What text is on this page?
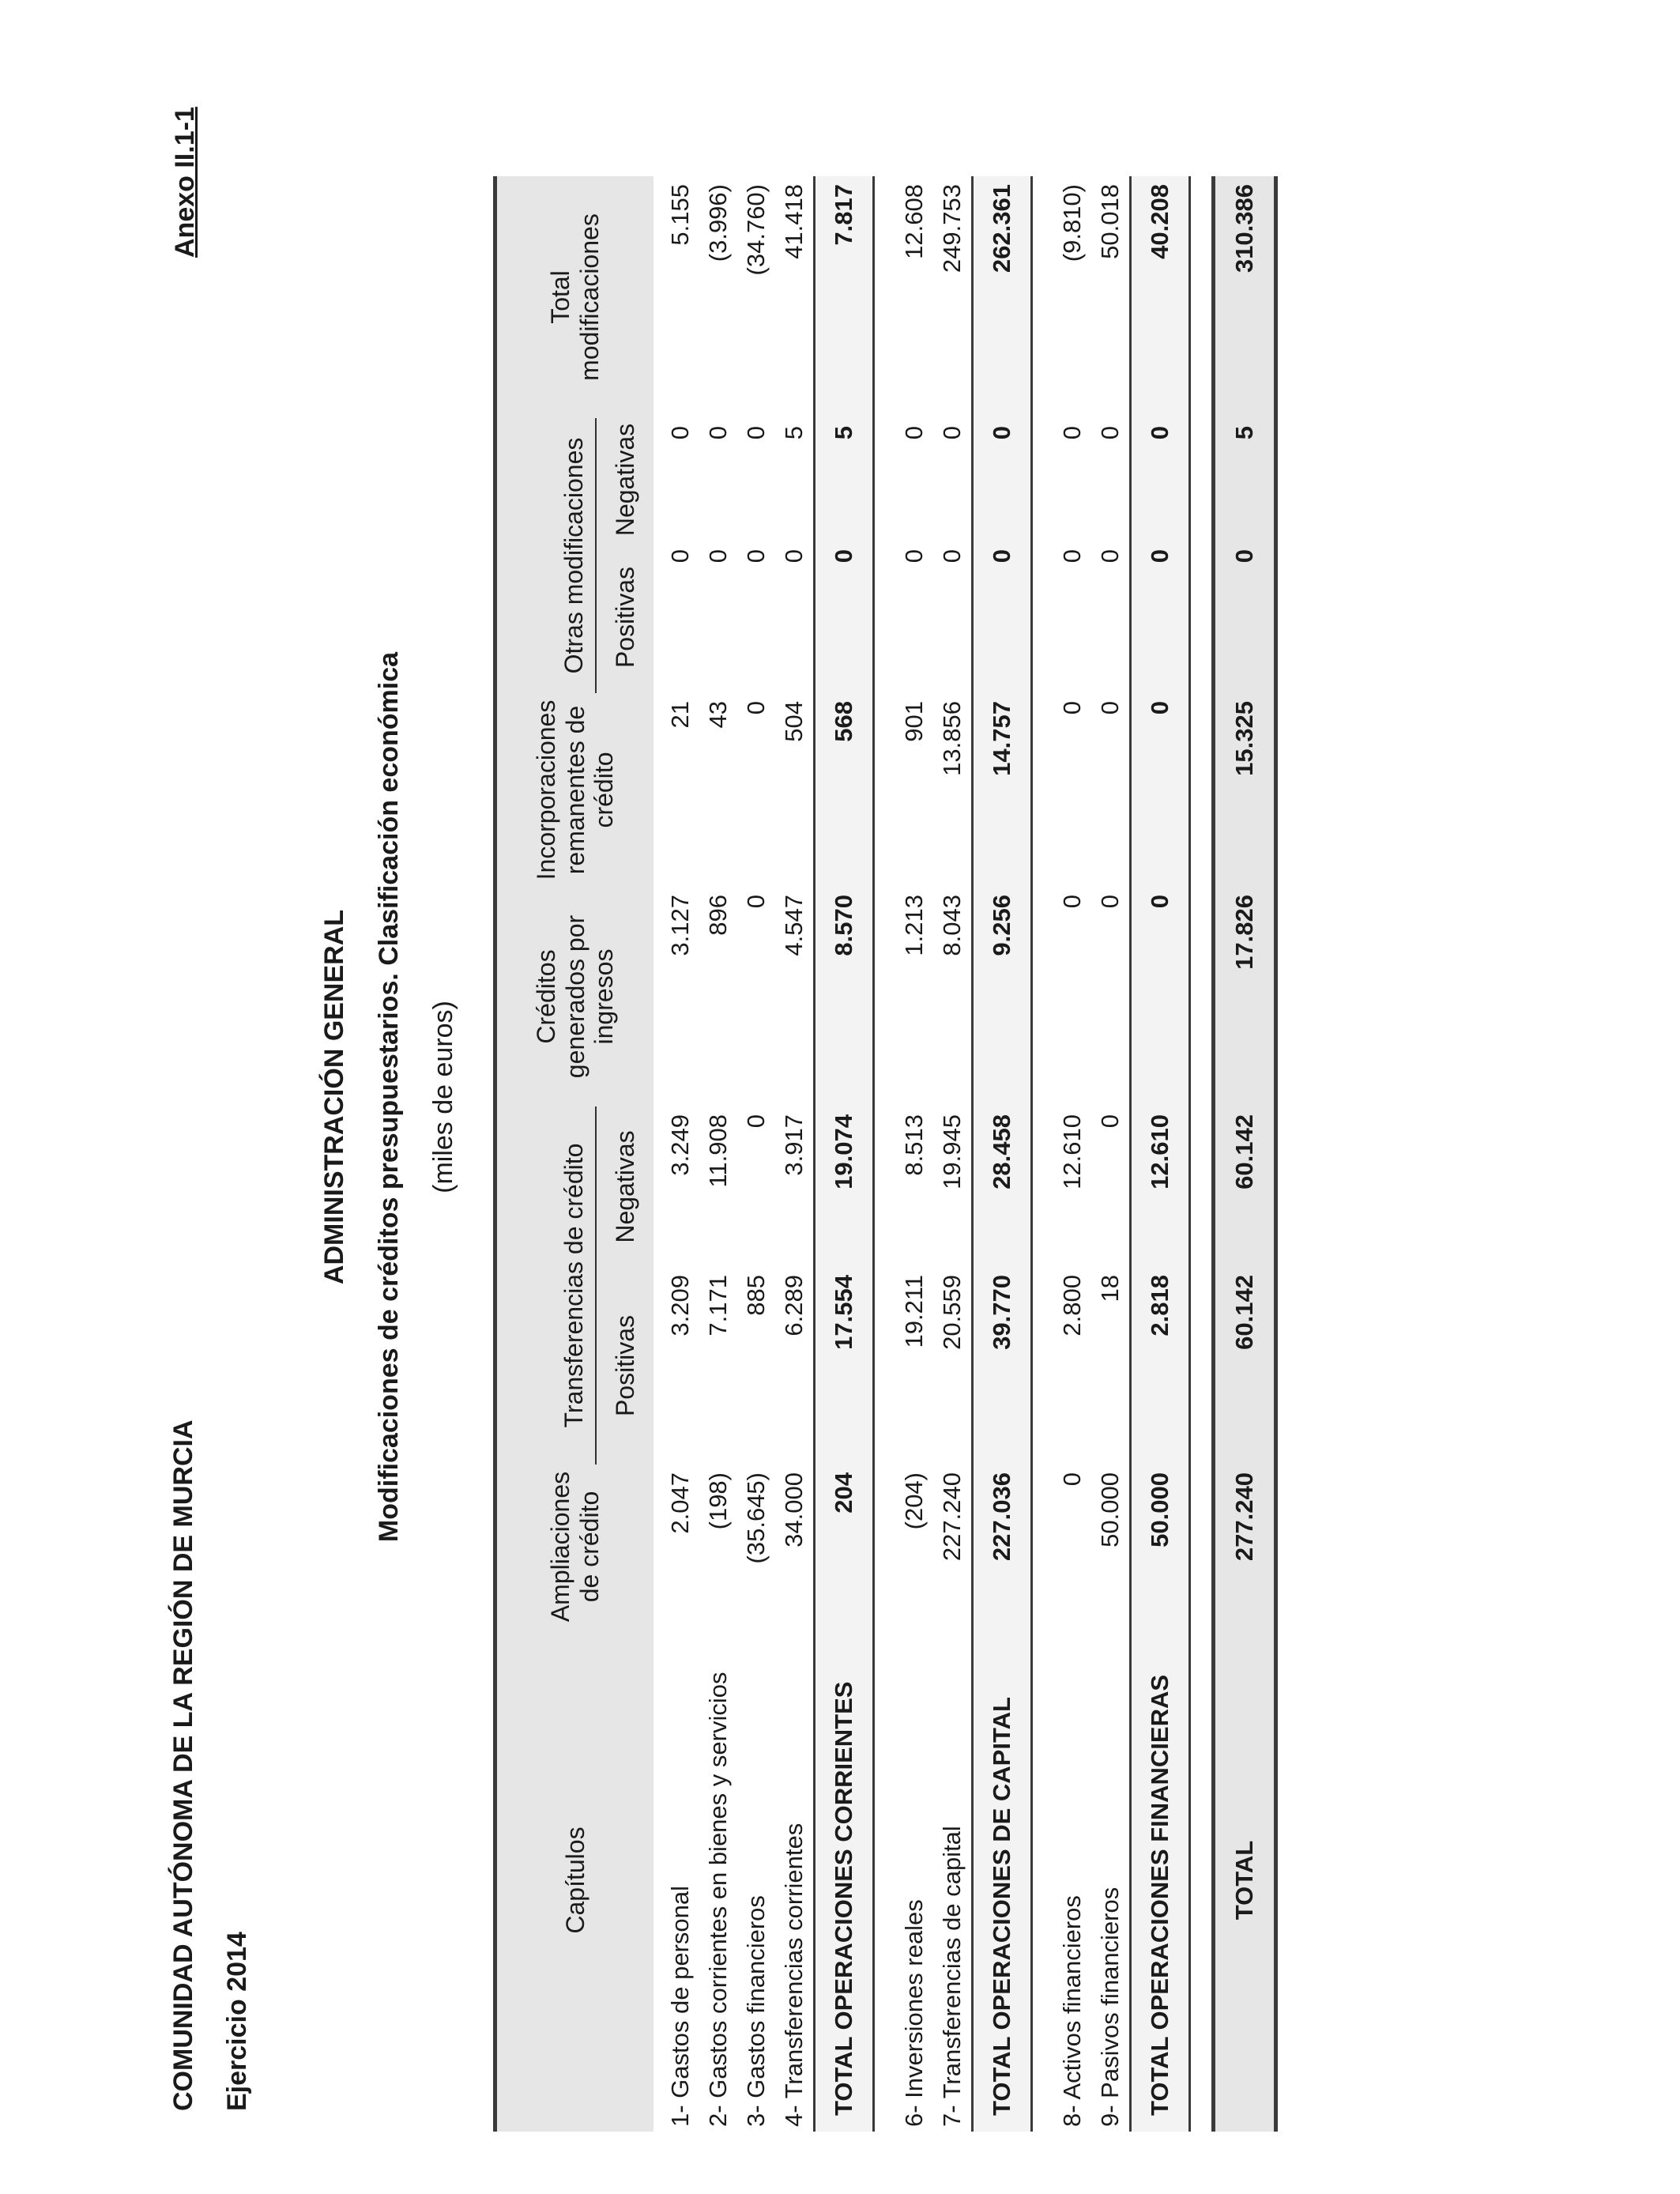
COMUNIDAD AUTÓNOMA DE LA REGIÓN DE MURCIA Ejercicio 2014
Anexo II.1-1
ADMINISTRACIÓN GENERAL Modificaciones de créditos presupuestarios. Clasificación económica (miles de euros)
Capítulos	Ampliaciones
de crédito	Transferencias de crédito		Créditos
generados por
ingresos	Incorporaciones
remanentes de
crédito	Otras modificaciones		Total
modificaciones
		Positivas	Negativas			Positivas	Negativas	
1- Gastos de personal	2.047	3.209	3.249	3.127	21	0	0	5.155
2- Gastos corrientes en bienes y servicios	(198)	7.171	11.908	896	43	0	0	(3.996)
3- Gastos financieros	(35.645)	885	0	0	0	0	0	(34.760)
4- Transferencias corrientes	34.000	6.289	3.917	4.547	504	0	5	41.418
TOTAL OPERACIONES CORRIENTES	204	17.554	19.074	8.570	568	0	5	7.817

6- Inversiones reales	(204)	19.211	8.513	1.213	901	0	0	12.608
7- Transferencias de capital	227.240	20.559	19.945	8.043	13.856	0	0	249.753
TOTAL OPERACIONES DE CAPITAL	227.036	39.770	28.458	9.256	14.757	0	0	262.361

8- Activos financieros	0	2.800	12.610	0	0	0	0	(9.810)
9- Pasivos financieros	50.000	18	0	0	0	0	0	50.018
TOTAL OPERACIONES FINANCIERAS	50.000	2.818	12.610	0	0	0	0	40.208

TOTAL	277.240	60.142	60.142	17.826	15.325	0	5	310.386
